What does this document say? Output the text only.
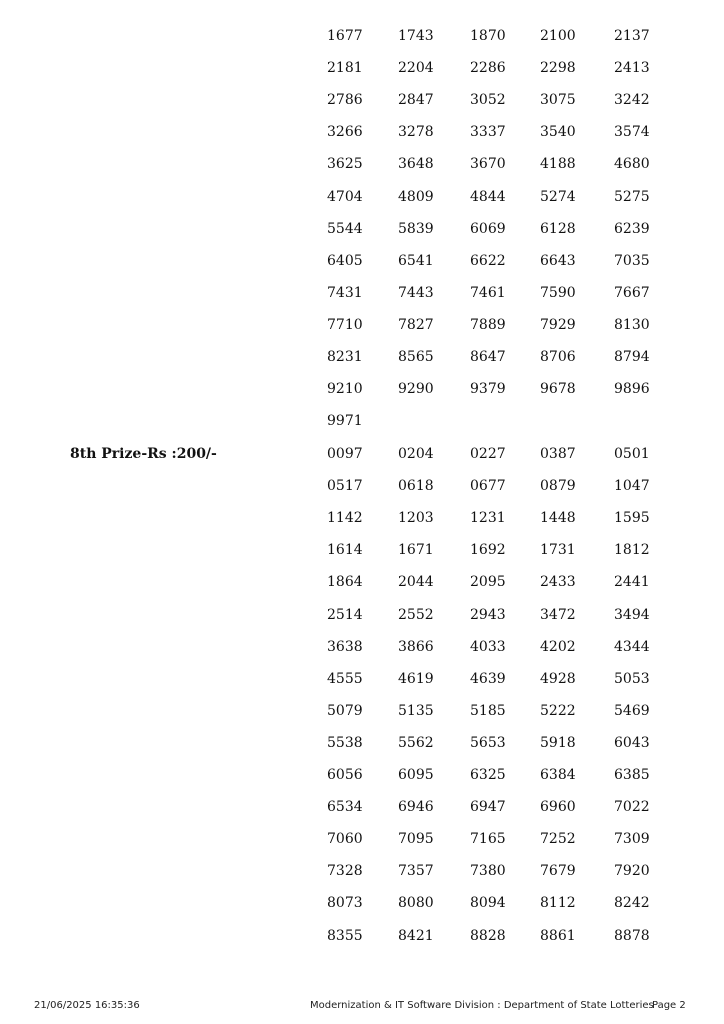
1677	1743	1870 2100	2137
2181	2204	2286 2298	2413
2786	2847	3052 3075	3242
3266	3278	3337 3540	3574
3625	3648	3670 4188	4680
4704	4809	4844 5274	5275
5544	5839	6069 6128	6239
6405	6541	6622 6643	7035
7431	7443	7461 7590	7667
7710	7827	7889 7929	8130
8231	8565	8647 8706	8794
9210	9290	9379 9678	9896
9971
8th Prize-Rs :200/-	0097	0204	0227 0387	0501
0517	0618	0677 0879	1047
1142	1203	1231 1448	1595
1614	1671	1692 1731	1812
1864	2044	2095 2433	2441
2514	2552	2943 3472	3494
3638	3866	4033 4202	4344
4555	4619	4639 4928	5053
5079	5135	5185 5222	5469
5538	5562	5653 5918	6043
6056	6095	6325 6384	6385
6534	6946	6947 6960	7022
7060	7095	7165 7252	7309
7328	7357	7380 7679	7920
8073	8080	8094 8112	8242
8355	8421	8828 8861	8878
21/06/2025 16:35:36	Modernization & IT Software Division : Department of State Lotteries
Page 2
